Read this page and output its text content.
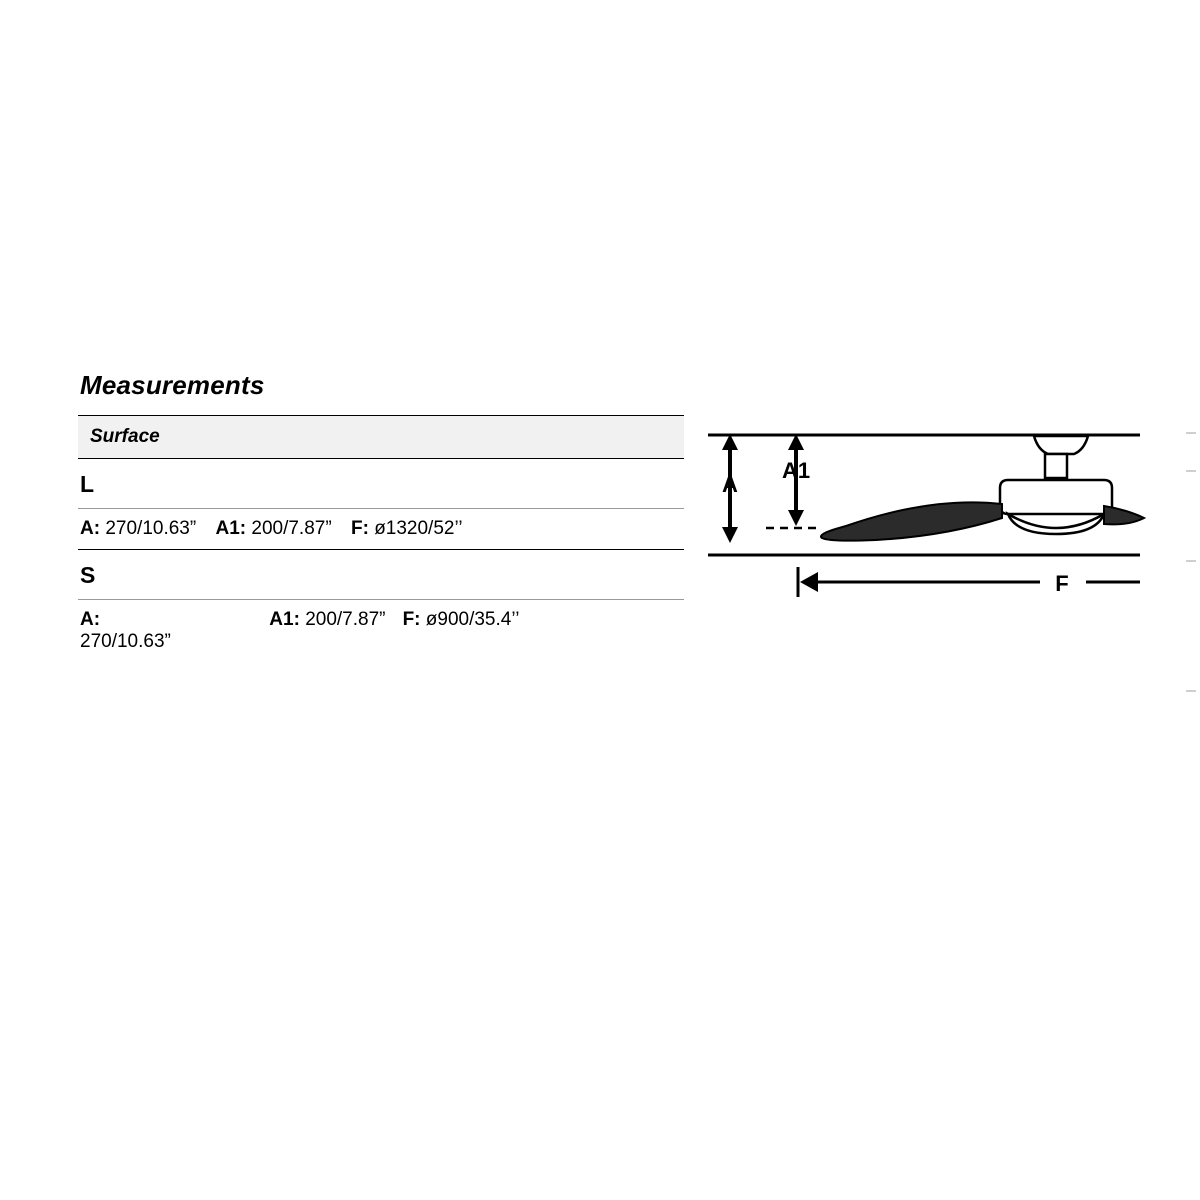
Measurements
Surface
L
A: 270/10.63” A1: 200/7.87” F: ø1320/52’’
S
A:
270/10.63” A1: 200/7.87” F: ø900/35.4’’
A
A1
F
